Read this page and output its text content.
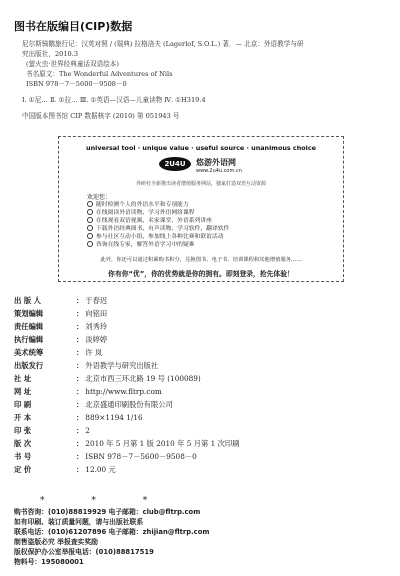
图书在版编目(CIP)数据
尼尔斯骑鹅旅行记：汉英对照 / (瑞典) 拉格洛夫 (Lagerlof, S.O.L.) 著．— 北京：外语教学与研
究出版社，2010.3
(萤火虫·世界经典童话双语绘本)
书名原文：The Wonderful Adventures of Nils
ISBN 978－7－5600－9508－0
Ⅰ. ①尼… Ⅱ. ①拉… Ⅲ. ①英语—汉语—儿童读物 Ⅳ. ①H319.4
中国版本图书馆 CIP 数据核字 (2010) 第 051943 号
universal tool · unique value · useful source · unanimous choice
2U4U	悠游外语网
www.2u4u.com.cn
外研社全新推出读者增值服务网站，独家打造双语互动资源
欢迎您：
随时检测个人的外语水平和专项能力
在线阅读外语读物、学习外语网络课程
在线观看双语视频、名家课堂、外语系列讲座
下载外语经典图书、有声读物、学习软件、翻译软件
参与社区互动小组，参加线上各种比赛和联谊活动
咨询在线专家，解答外语学习中的疑难
此外，你还可以通过积累购书积分，兑换图书、电子书、培训课程和其他增值服务……
你有你“优”，你的优势就是你的拥有。即刻登录，抢先体验！
出 版 人	： 于春迟
策划编辑	： 向铭田
责任编辑	： 刘秀玲
执行编辑	： 淡婷婷
美术统筹	： 许 岚
出版发行	： 外语教学与研究出版社
社 址	： 北京市西三环北路 19 号 (100089)
网 址	： http://www.fltrp.com
印 刷	： 北京盛通印刷股份有限公司
开 本	： 889×1194 1/16
印 张	： 2
版 次	： 2010 年 5 月第 1 版 2010 年 5 月第 1 次印刷
书 号	： ISBN 978－7－5600－9508－0
定 价	： 12.00 元
* * *
购书咨询：(010)88819929 电子邮箱：club@fltrp.com
如有印刷、装订质量问题，请与出版社联系
联系电话：(010)61207896 电子邮箱：zhijian@fltrp.com
制售盗版必究 举报查实奖励
版权保护办公室举报电话：(010)88817519
物料号：195080001
